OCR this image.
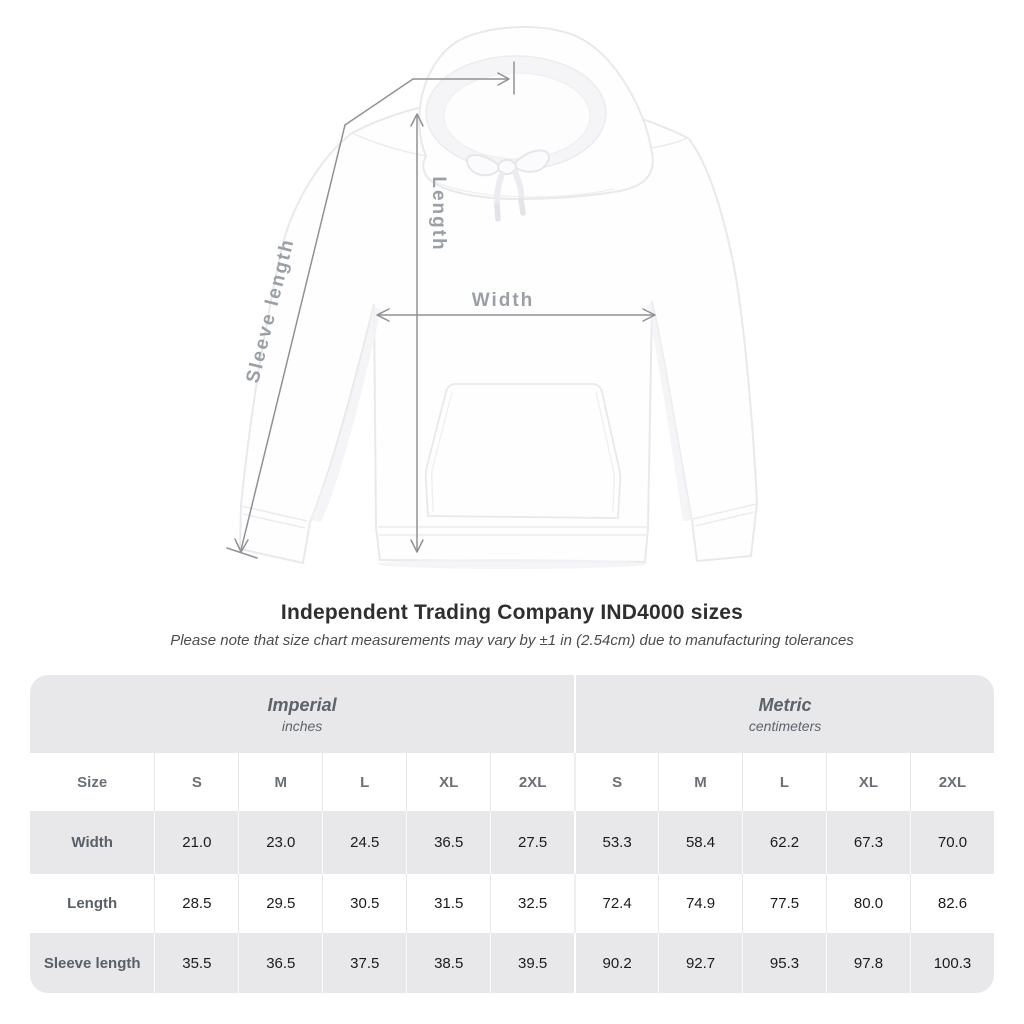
Width
Length
Sleeve length
Independent Trading Company IND4000 sizes

Please note that size chart measurements may vary by ±1 in (2.54cm) due to manufacturing tolerances

Imperial
inches

Metric
centimeters

Size	S	M	L	XL	2XL	S	M	L	XL	2XL
Width	21.0	23.0	24.5	36.5	27.5	53.3	58.4	62.2	67.3	70.0
Length	28.5	29.5	30.5	31.5	32.5	72.4	74.9	77.5	80.0	82.6
Sleeve length	35.5	36.5	37.5	38.5	39.5	90.2	92.7	95.3	97.8	100.3
